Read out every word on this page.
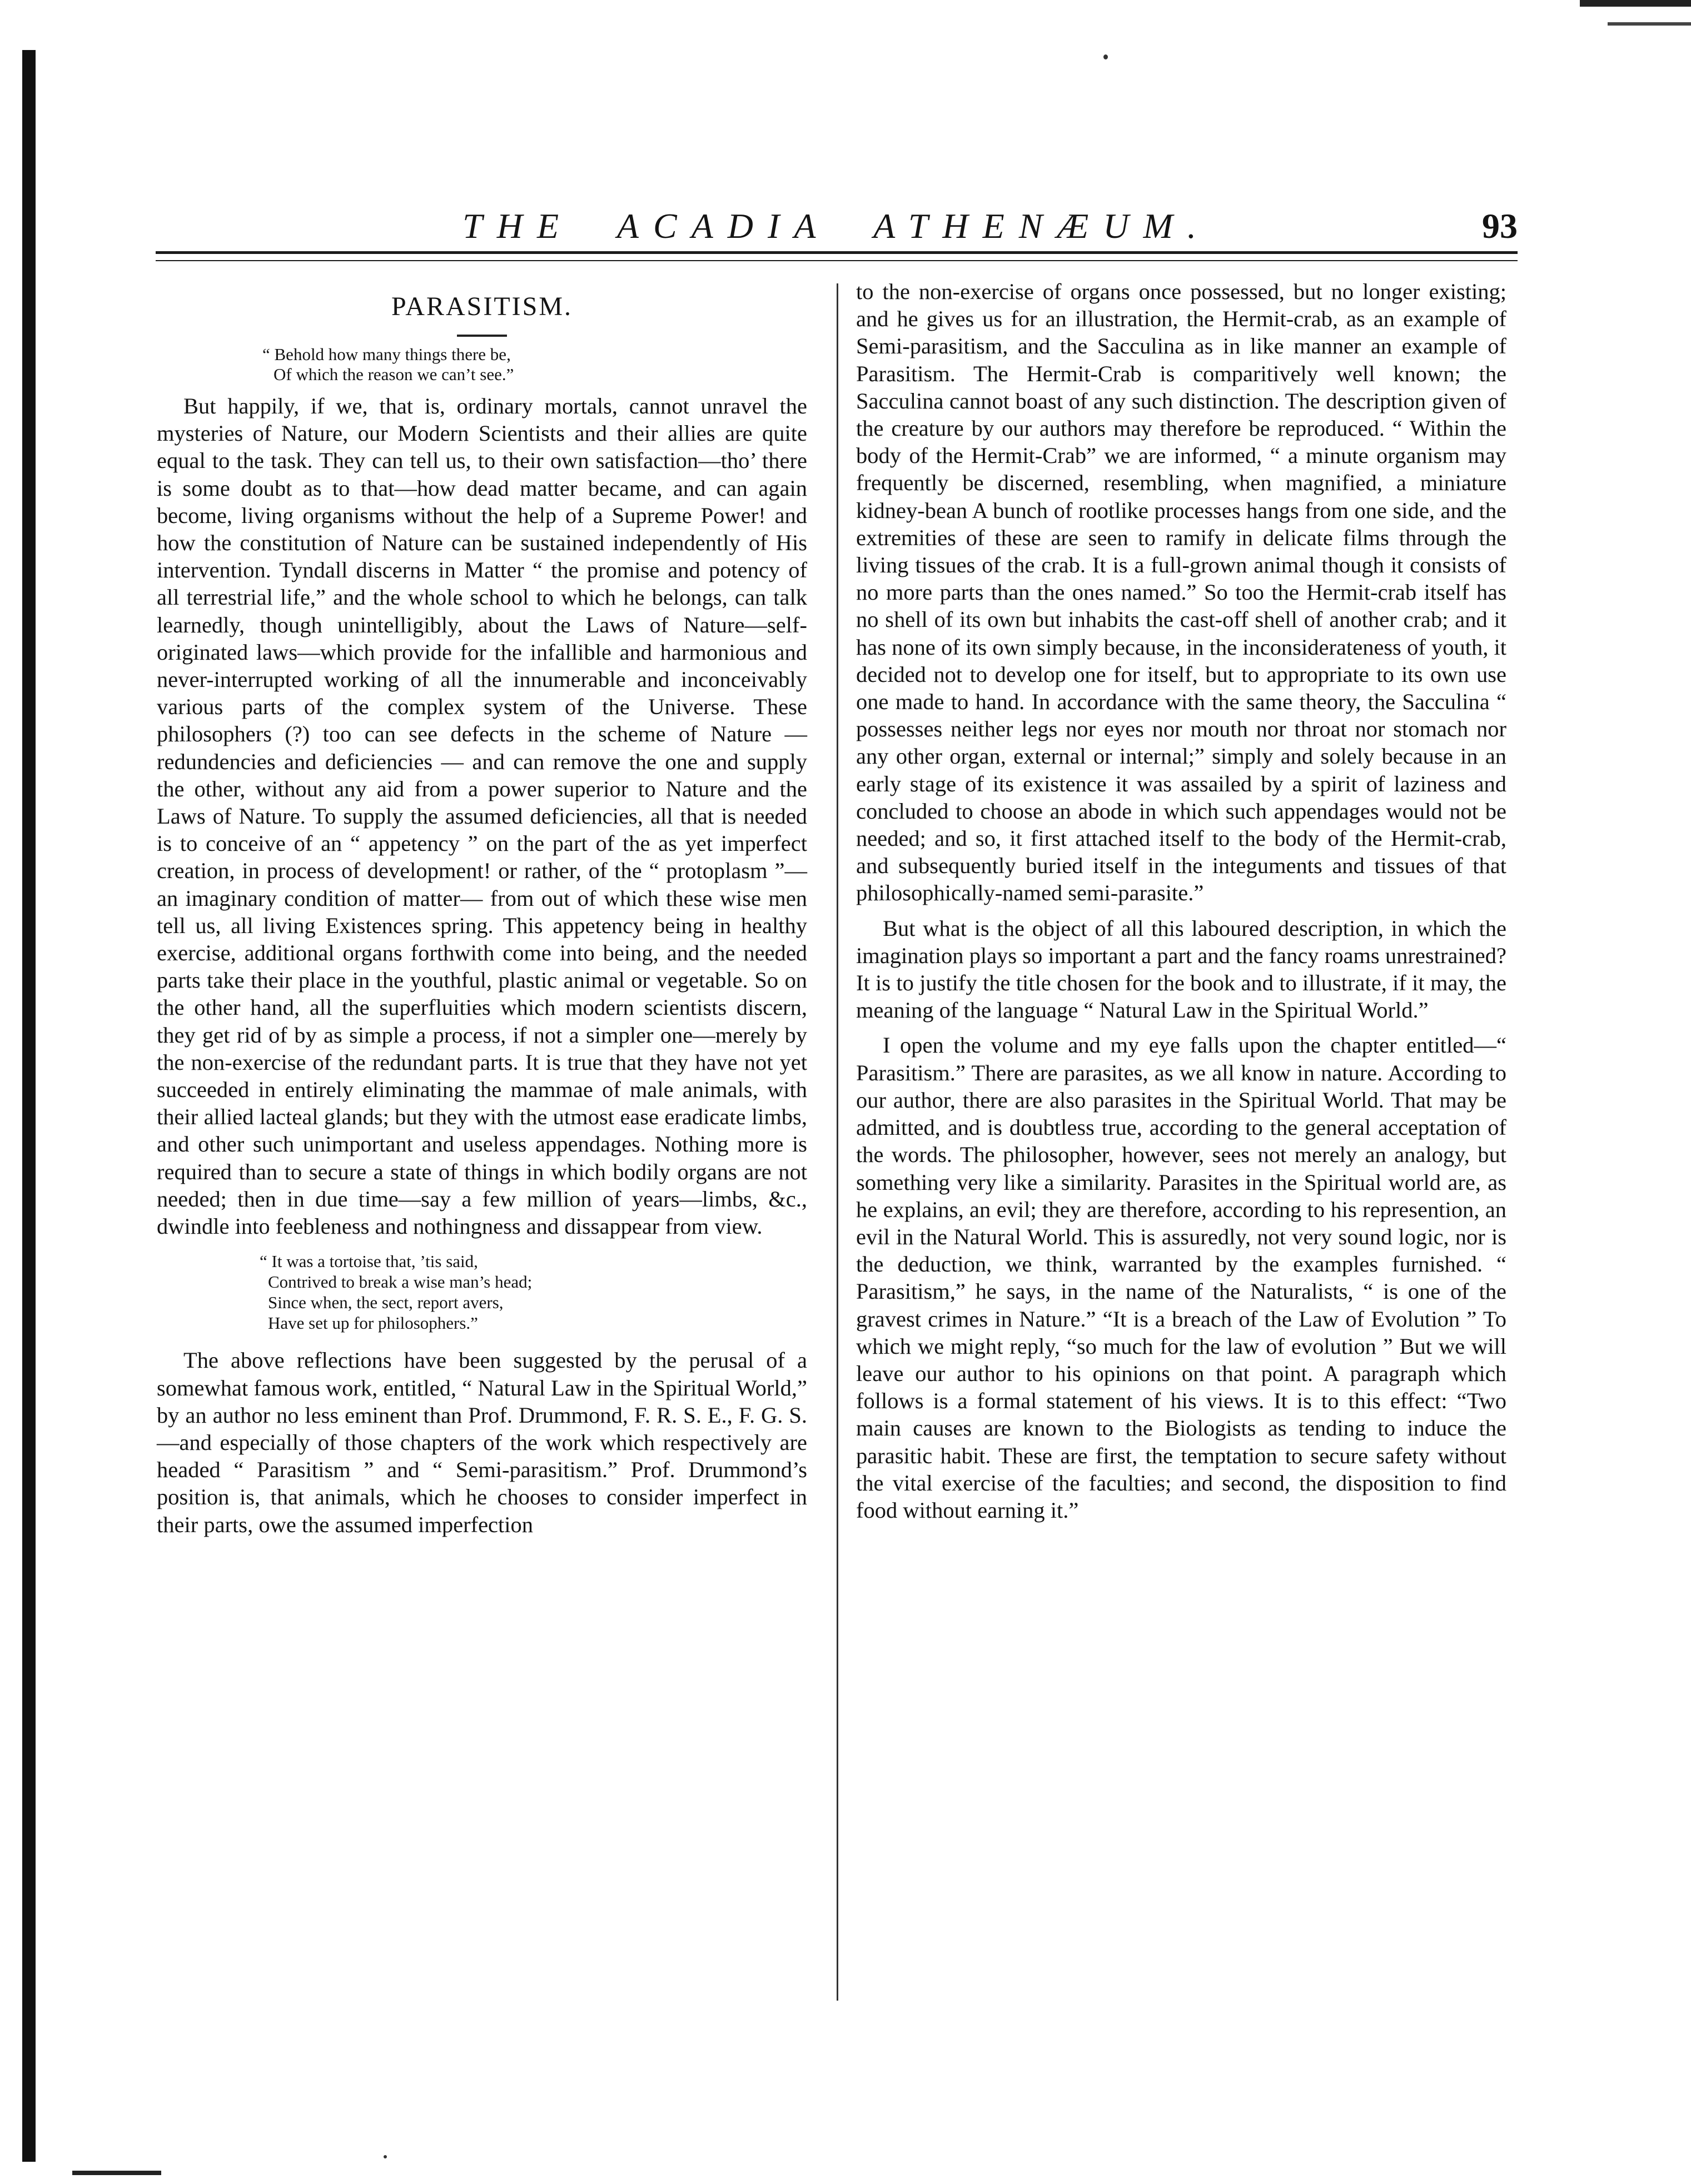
THE ACADIA ATHENÆUM.	93
PARASITISM.
“ Behold how many things there be,
Of which the reason we can’t see.”

But happily, if we, that is, ordinary mortals, cannot unravel the mysteries of Nature, our Modern Scientists and their allies are quite equal to the task. They can tell us, to their own satisfaction—tho’ there is some doubt as to that—how dead matter became, and can again become, living organisms without the help of a Supreme Power! and how the constitution of Nature can be sustained independently of His intervention. Tyndall discerns in Matter “ the promise and potency of all terrestrial life,” and the whole school to which he belongs, can talk learnedly, though unintelligibly, about the Laws of Nature—self-originated laws—which provide for the infallible and harmonious and never-interrupted working of all the innumerable and inconceivably various parts of the complex system of the Universe. These philosophers (?) too can see defects in the scheme of Nature — redundencies and deficiencies — and can remove the one and supply the other, without any aid from a power superior to Nature and the Laws of Nature. To supply the assumed deficiencies, all that is needed is to conceive of an “ appetency ” on the part of the as yet imperfect creation, in process of development! or rather, of the “ protoplasm ”—an imaginary condition of matter— from out of which these wise men tell us, all living Existences spring. This appetency being in healthy exercise, additional organs forthwith come into being, and the needed parts take their place in the youthful, plastic animal or vegetable. So on the other hand, all the superfluities which modern scientists discern, they get rid of by as simple a process, if not a simpler one—merely by the non-exercise of the redundant parts. It is true that they have not yet succeeded in entirely eliminating the mammae of male animals, with their allied lacteal glands; but they with the utmost ease eradicate limbs, and other such unimportant and useless appendages. Nothing more is required than to secure a state of things in which bodily organs are not needed; then in due time—say a few million of years—limbs, &c., dwindle into feebleness and nothingness and dissappear from view.

“ It was a tortoise that, ’tis said,
Contrived to break a wise man’s head;
Since when, the sect, report avers,
Have set up for philosophers.”

The above reflections have been suggested by the perusal of a somewhat famous work, entitled, “ Natural Law in the Spiritual World,” by an author no less eminent than Prof. Drummond, F. R. S. E., F. G. S.—and especially of those chapters of the work which respectively are headed “ Parasitism ” and “ Semi-parasitism.” Prof. Drummond’s position is, that animals, which he chooses to consider imperfect in their parts, owe the assumed imperfection

to the non-exercise of organs once possessed, but no longer existing; and he gives us for an illustration, the Hermit-crab, as an example of Semi-parasitism, and the Sacculina as in like manner an example of Parasitism. The Hermit-Crab is comparitively well known; the Sacculina cannot boast of any such distinction. The description given of the creature by our authors may therefore be reproduced. “ Within the body of the Hermit-Crab” we are informed, “ a minute organism may frequently be discerned, resembling, when magnified, a miniature kidney-bean A bunch of rootlike processes hangs from one side, and the extremities of these are seen to ramify in delicate films through the living tissues of the crab. It is a full-grown animal though it consists of no more parts than the ones named.” So too the Hermit-crab itself has no shell of its own but inhabits the cast-off shell of another crab; and it has none of its own simply because, in the inconsiderateness of youth, it decided not to develop one for itself, but to appropriate to its own use one made to hand. In accordance with the same theory, the Sacculina “ possesses neither legs nor eyes nor mouth nor throat nor stomach nor any other organ, external or internal;” simply and solely because in an early stage of its existence it was assailed by a spirit of laziness and concluded to choose an abode in which such appendages would not be needed; and so, it first attached itself to the body of the Hermit-crab, and subsequently buried itself in the integuments and tissues of that philosophically-named semi-parasite.”

But what is the object of all this laboured description, in which the imagination plays so important a part and the fancy roams unrestrained? It is to justify the title chosen for the book and to illustrate, if it may, the meaning of the language “ Natural Law in the Spiritual World.”

I open the volume and my eye falls upon the chapter entitled—“ Parasitism.” There are parasites, as we all know in nature. According to our author, there are also parasites in the Spiritual World. That may be admitted, and is doubtless true, according to the general acceptation of the words. The philosopher, however, sees not merely an analogy, but something very like a similarity. Parasites in the Spiritual world are, as he explains, an evil; they are therefore, according to his represention, an evil in the Natural World. This is assuredly, not very sound logic, nor is the deduction, we think, warranted by the examples furnished. “ Parasitism,” he says, in the name of the Naturalists, “ is one of the gravest crimes in Nature.” “It is a breach of the Law of Evolution ” To which we might reply, “so much for the law of evolution ” But we will leave our author to his opinions on that point. A paragraph which follows is a formal statement of his views. It is to this effect: “Two main causes are known to the Biologists as tending to induce the parasitic habit. These are first, the temptation to secure safety without the vital exercise of the faculties; and second, the disposition to find food without earning it.”
